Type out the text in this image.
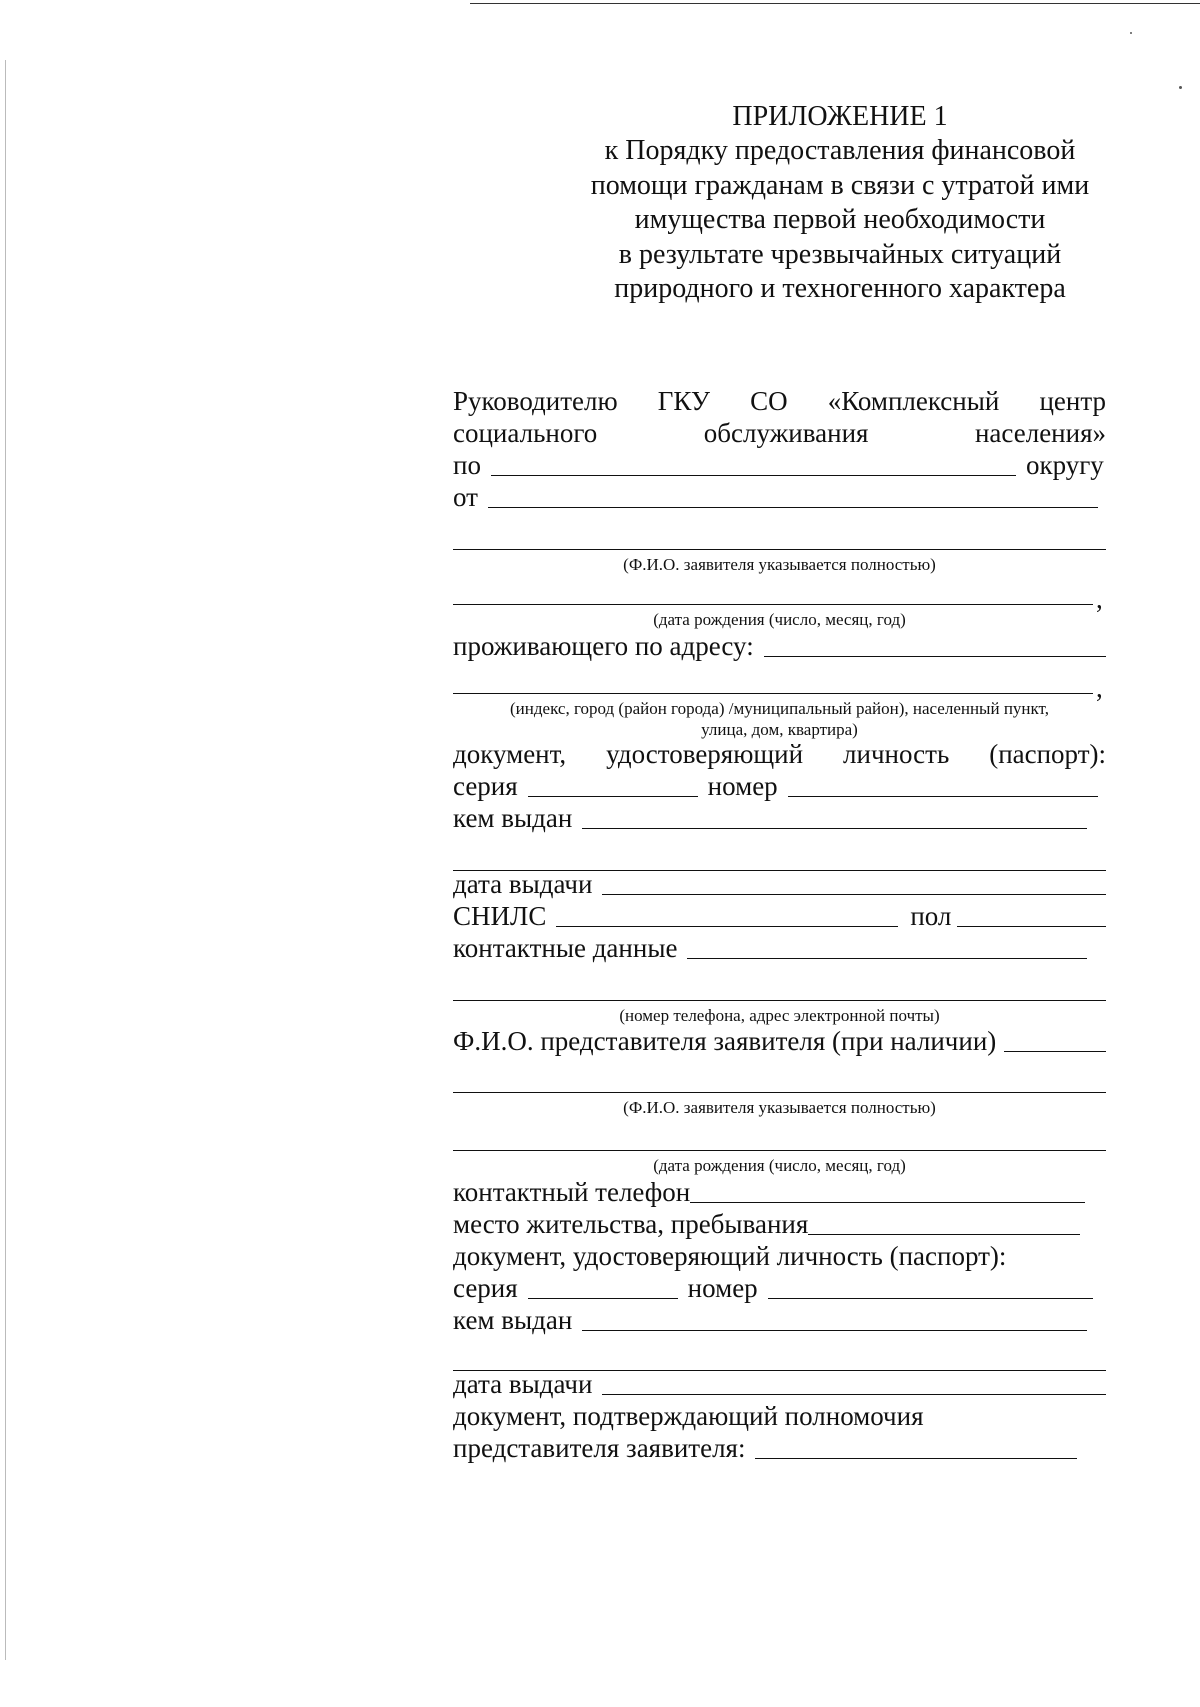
ПРИЛОЖЕНИЕ 1
к Порядку предоставления финансовой
помощи гражданам в связи с утратой ими
имущества первой необходимости
в результате чрезвычайных ситуаций
природного и техногенного характера
Руководителю ГКУ СО «Комплексный центр
социального	обслуживания	населения»
по	округу
от
(Ф.И.О. заявителя указывается полностью)
,
(дата рождения (число, месяц, год)
проживающего по адресу:
,
(индекс, город (район города) /муниципальный район), населенный пункт,
улица, дом, квартира)
документ, удостоверяющий личность (паспорт):
серия	номер
кем выдан
дата выдачи
СНИЛС	пол
контактные данные
(номер телефона, адрес электронной почты)
Ф.И.О. представителя заявителя (при наличии)
(Ф.И.О. заявителя указывается полностью)
(дата рождения (число, месяц, год)
контактный телефон
место жительства, пребывания
документ, удостоверяющий личность (паспорт):
серия	номер
кем выдан
дата выдачи
документ, подтверждающий полномочия
представителя заявителя:
